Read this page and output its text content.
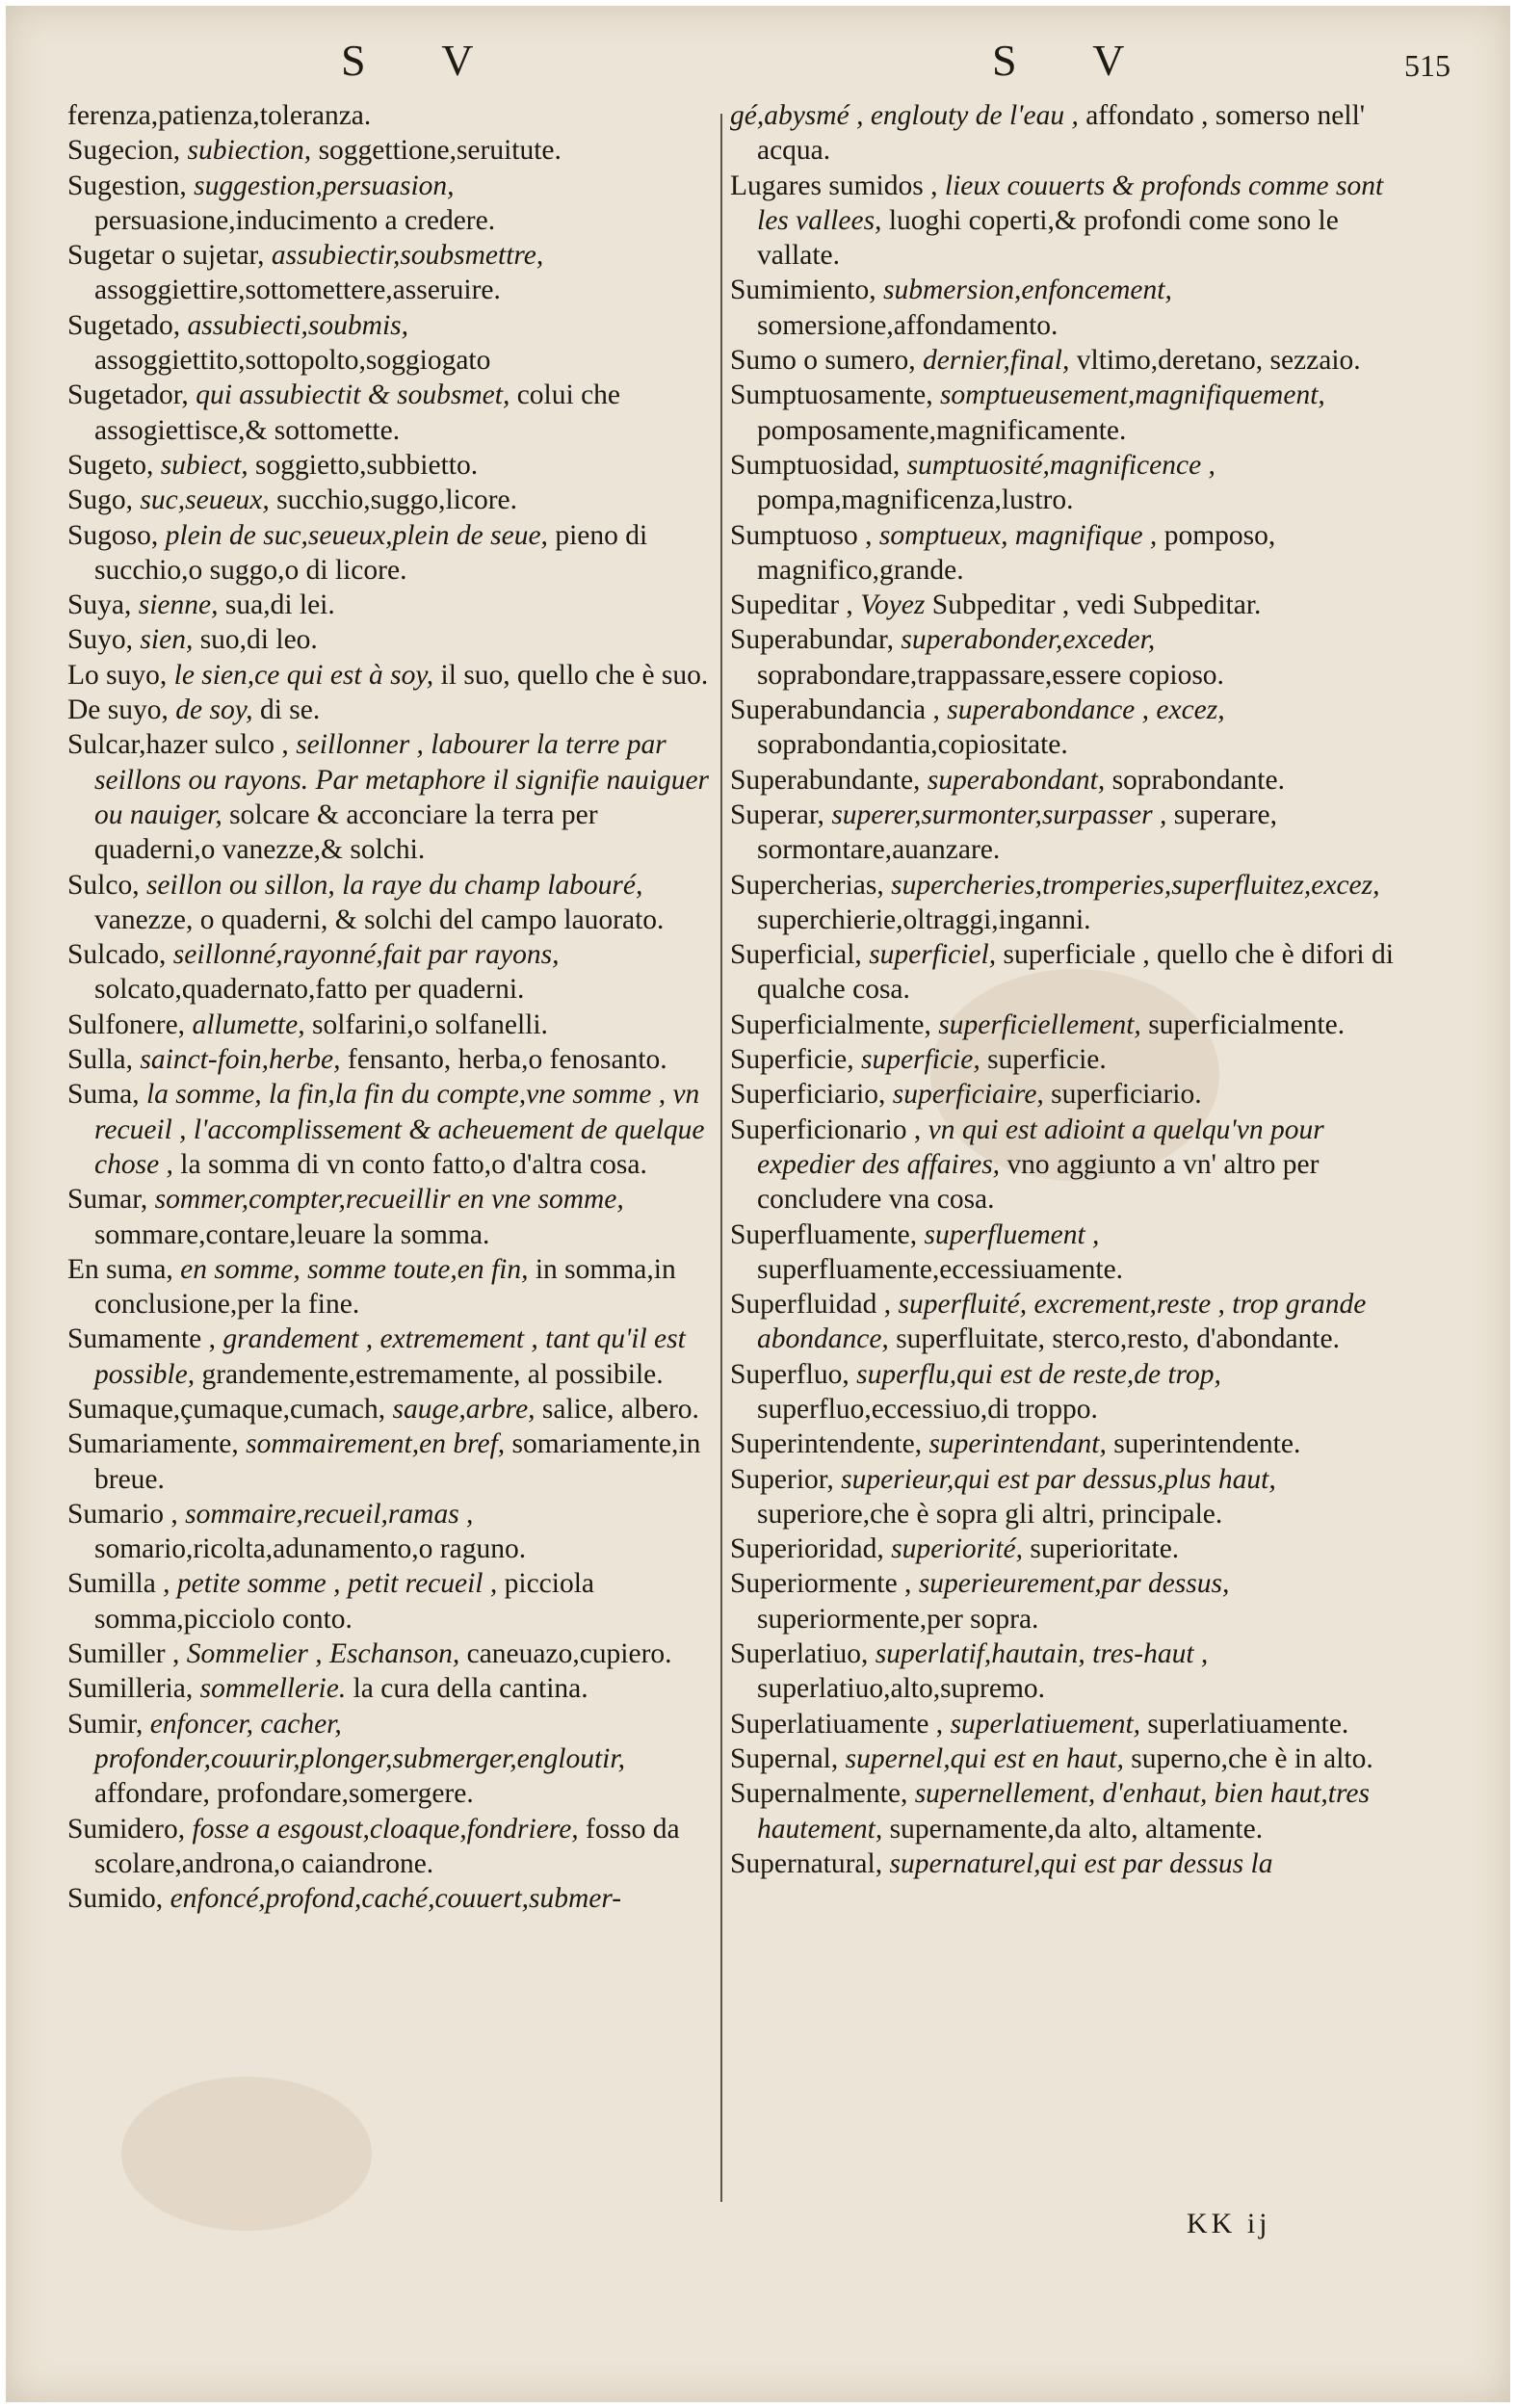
S V	S V	515

ferenza,patienza,toleranza.

Sugecion, subiection, soggettione,seruitute.

Sugestion, suggestion,persuasion, persuasione,inducimento a credere.

Sugetar o sujetar, assubiectir,soubsmettre, assoggiettire,sottomettere,asseruire.

Sugetado, assubiecti,soubmis, assoggiettito,sottopolto,soggiogato

Sugetador, qui assubiectit & soubsmet, colui che assogiettisce,& sottomette.

Sugeto, subiect, soggietto,subbietto.

Sugo, suc,seueux, succhio,suggo,licore.

Sugoso, plein de suc,seueux,plein de seue, pieno di succhio,o suggo,o di licore.

Suya, sienne, sua,di lei.

Suyo, sien, suo,di leo.

Lo suyo, le sien,ce qui est à soy, il suo, quello che è suo.

De suyo, de soy, di se.

Sulcar,hazer sulco , seillonner , labourer la terre par seillons ou rayons. Par metaphore il signifie nauiguer ou nauiger, solcare & acconciare la terra per quaderni,o vanezze,& solchi.

Sulco, seillon ou sillon, la raye du champ labouré, vanezze, o quaderni, & solchi del campo lauorato.

Sulcado, seillonné,rayonné,fait par rayons, solcato,quadernato,fatto per quaderni.

Sulfonere, allumette, solfarini,o solfanelli.

Sulla, sainct-foin,herbe, fensanto, herba,o fenosanto.

Suma, la somme, la fin,la fin du compte,vne somme , vn recueil , l'accomplissement & acheuement de quelque chose , la somma di vn conto fatto,o d'altra cosa.

Sumar, sommer,compter,recueillir en vne somme, sommare,contare,leuare la somma.

En suma, en somme, somme toute,en fin, in somma,in conclusione,per la fine.

Sumamente , grandement , extremement , tant qu'il est possible, grandemente,estremamente, al possibile.

Sumaque,çumaque,cumach, sauge,arbre, salice, albero.

Sumariamente, sommairement,en bref, somariamente,in breue.

Sumario , sommaire,recueil,ramas , somario,ricolta,adunamento,o raguno.

Sumilla , petite somme , petit recueil , picciola somma,picciolo conto.

Sumiller , Sommelier , Eschanson, caneuazo,cupiero.

Sumilleria, sommellerie. la cura della cantina.

Sumir, enfoncer, cacher, profonder,couurir,plonger,submerger,engloutir, affondare, profondare,somergere.

Sumidero, fosse a esgoust,cloaque,fondriere, fosso da scolare,androna,o caiandrone.

Sumido, enfoncé,profond,caché,couuert,submer-

gé,abysmé , englouty de l'eau , affondato , somerso nell' acqua.

Lugares sumidos , lieux couuerts & profonds comme sont les vallees, luoghi coperti,& profondi come sono le vallate.

Sumimiento, submersion,enfoncement, somersione,affondamento.

Sumo o sumero, dernier,final, vltimo,deretano, sezzaio.

Sumptuosamente, somptueusement,magnifiquement, pomposamente,magnificamente.

Sumptuosidad, sumptuosité,magnificence , pompa,magnificenza,lustro.

Sumptuoso , somptueux, magnifique , pomposo, magnifico,grande.

Supeditar , Voyez Subpeditar , vedi Subpeditar.

Superabundar, superabonder,exceder, soprabondare,trappassare,essere copioso.

Superabundancia , superabondance , excez, soprabondantia,copiositate.

Superabundante, superabondant, soprabondante.

Superar, superer,surmonter,surpasser , superare, sormontare,auanzare.

Supercherias, supercheries,tromperies,superfluitez,excez, superchierie,oltraggi,inganni.

Superficial, superficiel, superficiale , quello che è difori di qualche cosa.

Superficialmente, superficiellement, superficialmente.

Superficie, superficie, superficie.

Superficiario, superficiaire, superficiario.

Superficionario , vn qui est adioint a quelqu'vn pour expedier des affaires, vno aggiunto a vn' altro per concludere vna cosa.

Superfluamente, superfluement , superfluamente,eccessiuamente.

Superfluidad , superfluité, excrement,reste , trop grande abondance, superfluitate, sterco,resto, d'abondante.

Superfluo, superflu,qui est de reste,de trop, superfluo,eccessiuo,di troppo.

Superintendente, superintendant, superintendente.

Superior, superieur,qui est par dessus,plus haut, superiore,che è sopra gli altri, principale.

Superioridad, superiorité, superioritate.

Superiormente , superieurement,par dessus, superiormente,per sopra.

Superlatiuo, superlatif,hautain, tres-haut , superlatiuo,alto,supremo.

Superlatiuamente , superlatiuement, superlatiuamente.

Supernal, supernel,qui est en haut, superno,che è in alto.

Supernalmente, supernellement, d'enhaut, bien haut,tres hautement, supernamente,da alto, altamente.

Supernatural, supernaturel,qui est par dessus la

KK ij
